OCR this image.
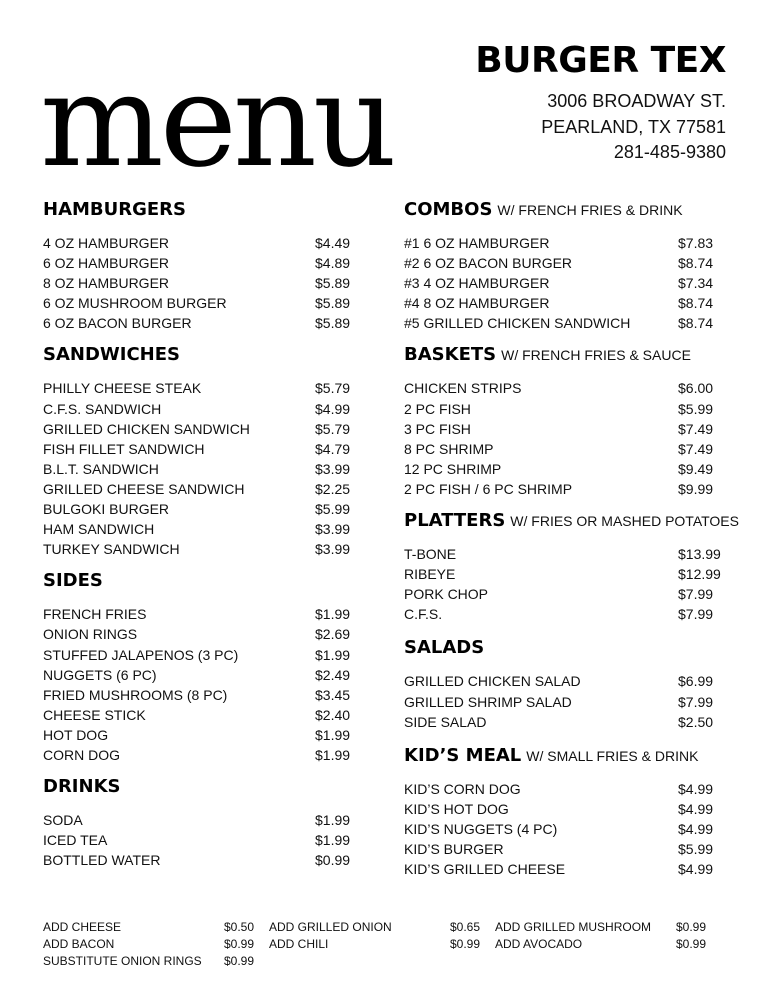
menu BURGER TEX
3006 BROADWAY ST.
PEARLAND, TX 77581
281-485-9380
HAMBURGERS
4 OZ HAMBURGER	$4.49
6 OZ HAMBURGER	$4.89
8 OZ HAMBURGER	$5.89
6 OZ MUSHROOM BURGER	$5.89
6 OZ BACON BURGER	$5.89
SANDWICHES
PHILLY CHEESE STEAK	$5.79
C.F.S. SANDWICH	$4.99
GRILLED CHICKEN SANDWICH	$5.79
FISH FILLET SANDWICH	$4.79
B.L.T. SANDWICH	$3.99
GRILLED CHEESE SANDWICH	$2.25
BULGOKI BURGER	$5.99
HAM SANDWICH	$3.99
TURKEY SANDWICH	$3.99
SIDES
FRENCH FRIES	$1.99
ONION RINGS	$2.69
STUFFED JALAPENOS (3 PC)	$1.99
NUGGETS (6 PC)	$2.49
FRIED MUSHROOMS (8 PC)	$3.45
CHEESE STICK	$2.40
HOT DOG	$1.99
CORN DOG	$1.99
DRINKS
SODA	$1.99
ICED TEA	$1.99
BOTTLED WATER	$0.99
COMBOS W/ FRENCH FRIES & DRINK
#1 6 OZ HAMBURGER	$7.83
#2 6 OZ BACON BURGER	$8.74
#3 4 OZ HAMBURGER	$7.34
#4 8 OZ HAMBURGER	$8.74
#5 GRILLED CHICKEN SANDWICH	$8.74
BASKETS W/ FRENCH FRIES & SAUCE
CHICKEN STRIPS	$6.00
2 PC FISH	$5.99
3 PC FISH	$7.49
8 PC SHRIMP	$7.49
12 PC SHRIMP	$9.49
2 PC FISH / 6 PC SHRIMP	$9.99
PLATTERS W/ FRIES OR MASHED POTATOES
T-BONE	$13.99
RIBEYE	$12.99
PORK CHOP	$7.99
C.F.S.	$7.99
SALADS
GRILLED CHICKEN SALAD	$6.99
GRILLED SHRIMP SALAD	$7.99
SIDE SALAD	$2.50
KID’S MEAL W/ SMALL FRIES & DRINK
KID’S CORN DOG	$4.99
KID’S HOT DOG	$4.99
KID’S NUGGETS (4 PC)	$4.99
KID’S BURGER	$5.99
KID’S GRILLED CHEESE	$4.99
ADD CHEESE	$0.50	ADD GRILLED ONION	$0.65	ADD GRILLED MUSHROOM	$0.99
ADD BACON	$0.99	ADD CHILI	$0.99	ADD AVOCADO	$0.99
SUBSTITUTE ONION RINGS	$0.99
